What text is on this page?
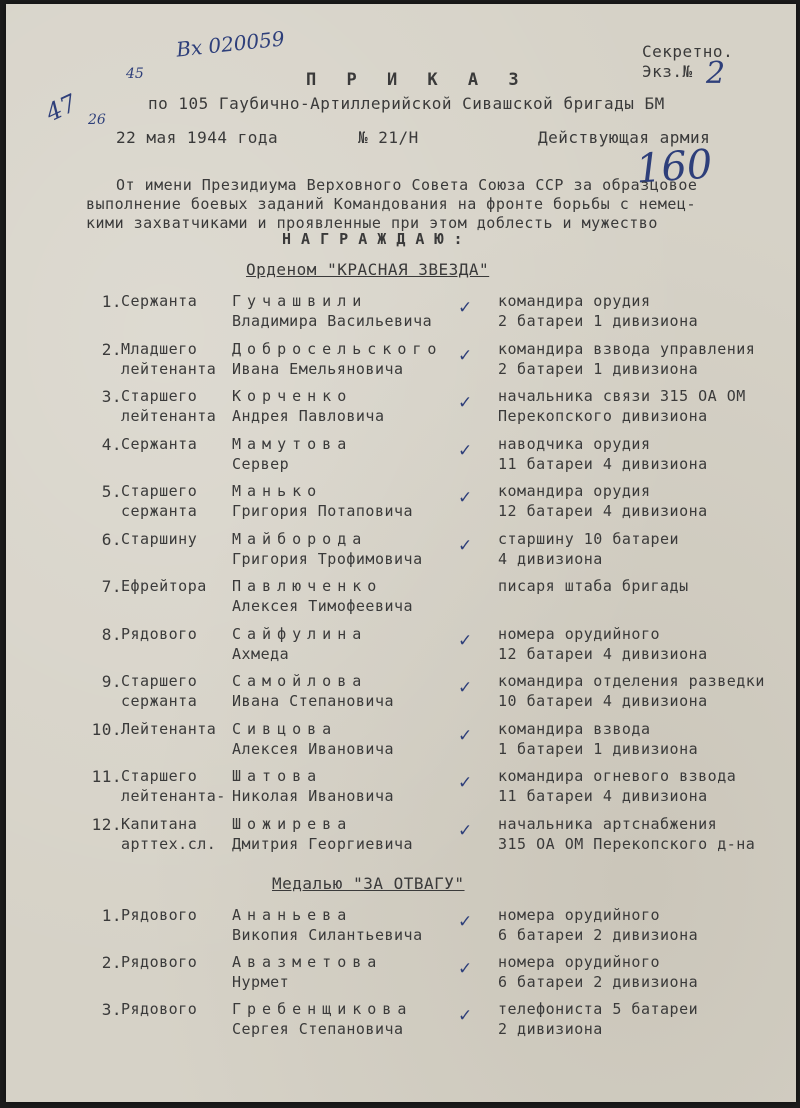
Вх 020059
47
45
26
2
160
Секретно.
Экз.№
П Р И К А З
по 105 Гаубично-Артиллерийской Сивашской бригады БМ
22 мая 1944 года	№ 21/Н	Действующая армия
От имени Президиума Верховного Совета Союза ССР за образцовое
выполнение боевых заданий Командования на фронте борьбы с немец-
кими захватчиками и проявленные при этом доблесть и мужество
Н А Г Р А Ж Д А Ю :
Орденом "КРАСНАЯ ЗВЕЗДА"
1. Сержанта Гучашвили
Владимира Васильевича
командира орудия
2 батареи 1 дивизиона
✓
2. Младшего
лейтенанта
Добросельского
Ивана Емельяновича
командира взвода управления
2 батареи 1 дивизиона
✓
3. Старшего
лейтенанта
Корченко
Андрея Павловича
начальника связи 315 ОА ОМ
Перекопского дивизиона
✓
4. Сержанта Мамутова
Сервер
наводчика орудия
11 батареи 4 дивизиона
✓
5. Старшего
сержанта
Манько
Григория Потаповича
командира орудия
12 батареи 4 дивизиона
✓
6. Старшину Майборода
Григория Трофимовича
старшину 10 батареи
4 дивизиона
✓
7. Ефрейтора Павлюченко
Алексея Тимофеевича
писаря штаба бригады
8. Рядового Сайфулина
Ахмеда
номера орудийного
12 батареи 4 дивизиона
✓
9. Старшего
сержанта
Самойлова
Ивана Степановича
командира отделения разведки
10 батареи 4 дивизиона
✓
10. Лейтенанта Сивцова
Алексея Ивановича
командира взвода
1 батареи 1 дивизиона
✓
11. Старшего
лейтенанта-
Шатова
Николая Ивановича
командира огневого взвода
11 батареи 4 дивизиона
✓
12. Капитана
арттех.сл.
Шожирева
Дмитрия Георгиевича
начальника артснабжения
315 ОА ОМ Перекопского д-на
✓
Медалью "ЗА ОТВАГУ"
1. Рядового Ананьева
Викопия Силантьевича
номера орудийного
6 батареи 2 дивизиона
✓
2. Рядового Авазметова
Нурмет
номера орудийного
6 батареи 2 дивизиона
✓
3. Рядового Гребенщикова
Сергея Степановича
телефониста 5 батареи
2 дивизиона
✓
